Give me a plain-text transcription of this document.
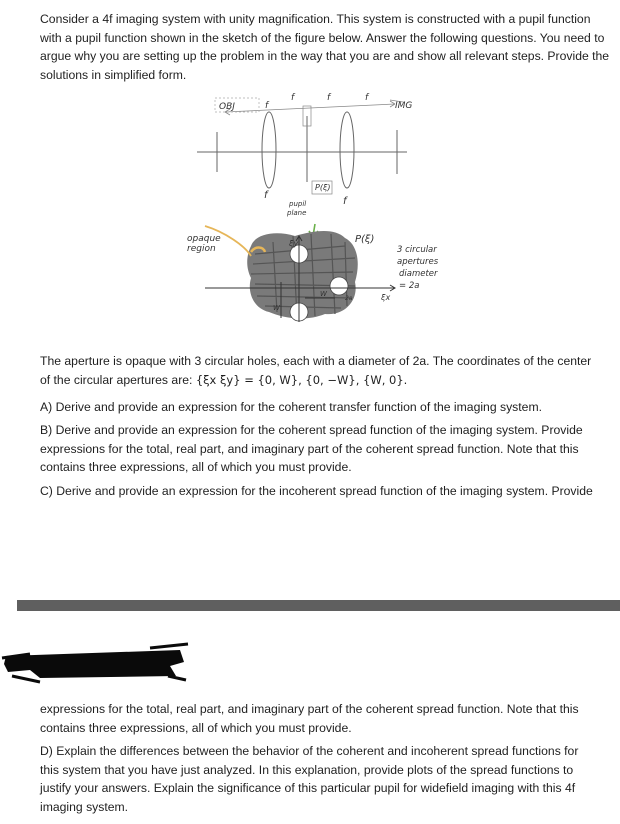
Consider a 4f imaging system with unity magnification. This system is constructed with a pupil function with a pupil function shown in the sketch of the figure below. Answer the following questions. You need to argue why you are setting up the problem in the way that you are and show all relevant steps. Provide the solutions in simplified form.

OBJ	f
f	f	f
IMG
f
f
P(ξ)
pupil
plane
opaque
region
P(ξ)
3 circular
apertures
diameter
= 2a
ξx
ξy
W
W
2a

The aperture is opaque with 3 circular holes, each with a diameter of 2a. The coordinates of the center of the circular apertures are: {ξx ξy} = {0, W}, {0, −W}, {W, 0}.

A) Derive and provide an expression for the coherent transfer function of the imaging system.

B) Derive and provide an expression for the coherent spread function of the imaging system. Provide expressions for the total, real part, and imaginary part of the coherent spread function. Note that this contains three expressions, all of which you must provide.

C) Derive and provide an expression for the incoherent spread function of the imaging system. Provide

expressions for the total, real part, and imaginary part of the coherent spread function. Note that this contains three expressions, all of which you must provide.

D) Explain the differences between the behavior of the coherent and incoherent spread functions for this system that you have just analyzed. In this explanation, provide plots of the spread functions to justify your answers. Explain the significance of this particular pupil for widefield imaging with this 4f imaging system.
